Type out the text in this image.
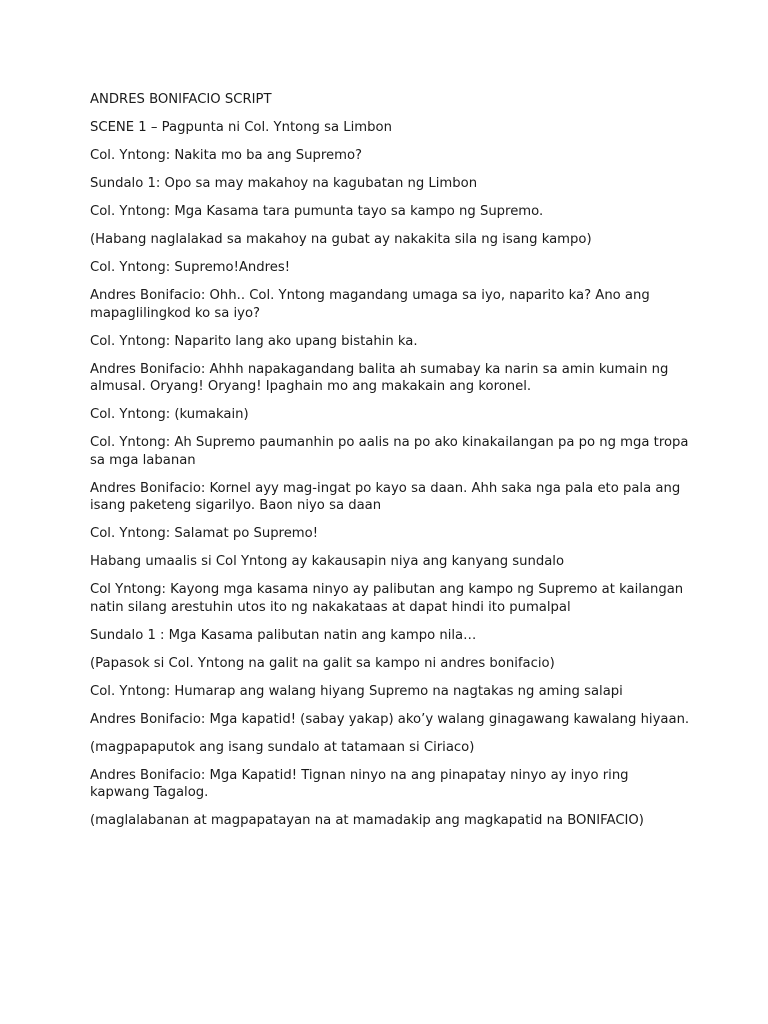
ANDRES BONIFACIO SCRIPT

SCENE 1 – Pagpunta ni Col. Yntong sa Limbon

Col. Yntong: Nakita mo ba ang Supremo?

Sundalo 1: Opo sa may makahoy na kagubatan ng Limbon

Col. Yntong: Mga Kasama tara pumunta tayo sa kampo ng Supremo.

(Habang naglalakad sa makahoy na gubat ay nakakita sila ng isang kampo)

Col. Yntong: Supremo!Andres!

Andres Bonifacio: Ohh.. Col. Yntong magandang umaga sa iyo, naparito ka? Ano ang mapaglilingkod ko sa iyo?

Col. Yntong: Naparito lang ako upang bistahin ka.

Andres Bonifacio: Ahhh napakagandang balita ah sumabay ka narin sa amin kumain ng almusal. Oryang! Oryang! Ipaghain mo ang makakain ang koronel.

Col. Yntong: (kumakain)

Col. Yntong: Ah Supremo paumanhin po aalis na po ako kinakailangan pa po ng mga tropa sa mga labanan

Andres Bonifacio: Kornel ayy mag-ingat po kayo sa daan. Ahh saka nga pala eto pala ang isang paketeng sigarilyo. Baon niyo sa daan

Col. Yntong: Salamat po Supremo!

Habang umaalis si Col Yntong ay kakausapin niya ang kanyang sundalo

Col Yntong: Kayong mga kasama ninyo ay palibutan ang kampo ng Supremo at kailangan natin silang arestuhin utos ito ng nakakataas at dapat hindi ito pumalpal

Sundalo 1 : Mga Kasama palibutan natin ang kampo nila…

(Papasok si Col. Yntong na galit na galit sa kampo ni andres bonifacio)

Col. Yntong: Humarap ang walang hiyang Supremo na nagtakas ng aming salapi

Andres Bonifacio: Mga kapatid! (sabay yakap) ako’y walang ginagawang kawalang hiyaan.

(magpapaputok ang isang sundalo at tatamaan si Ciriaco)

Andres Bonifacio: Mga Kapatid! Tignan ninyo na ang pinapatay ninyo ay inyo ring kapwang Tagalog.

(maglalabanan at magpapatayan na at mamadakip ang magkapatid na BONIFACIO)
